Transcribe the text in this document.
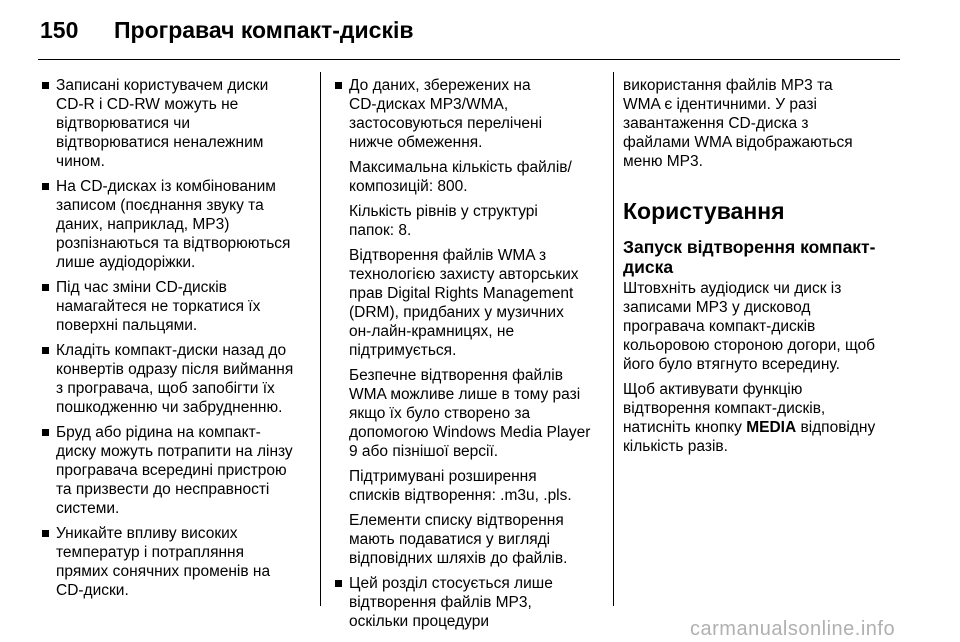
150	Програвач компакт-дисків

Записані користувачем диски
CD-R і CD-RW можуть не
відтворюватися чи
відтворюватися неналежним
чином.

На CD-дисках із комбінованим
записом (поєднання звуку та
даних, наприклад, MP3)
розпізнаються та відтворюються
лише аудіодоріжки.

Під час зміни CD-дисків
намагайтеся не торкатися їх
поверхні пальцями.

Кладіть компакт-диски назад до
конвертів одразу після виймання
з програвача, щоб запобігти їх
пошкодженню чи забрудненню.

Бруд або рідина на компакт-
диску можуть потрапити на лінзу
програвача всередині пристрою
та призвести до несправності
системи.

Уникайте впливу високих
температур і потрапляння
прямих сонячних променів на
CD-диски.

До даних, збережених на
CD-дисках MP3/WMA,
застосовуються перелічені
нижче обмеження.

Максимальна кількість файлів/
композицій: 800.

Кількість рівнів у структурі
папок: 8.

Відтворення файлів WMA з
технологією захисту авторських
прав Digital Rights Management
(DRM), придбаних у музичних
он-лайн-крамницях, не
підтримується.

Безпечне відтворення файлів
WMA можливе лише в тому разі
якщо їх було створено за
допомогою Windows Media Player
9 або пізнішої версії.

Підтримувані розширення
списків відтворення: .m3u, .pls.

Елементи списку відтворення
мають подаватися у вигляді
відповідних шляхів до файлів.

Цей розділ стосується лише
відтворення файлів MP3,
оскільки процедури

використання файлів MP3 та
WMA є ідентичними. У разі
завантаження CD-диска з
файлами WMA відображаються
меню MP3.

Користування
Запуск відтворення компакт-
диска

Штовхніть аудіодиск чи диск із
записами MP3 у дисковод
програвача компакт-дисків
кольоровою стороною догори, щоб
його було втягнуто всередину.

Щоб активувати функцію
відтворення компакт-дисків,
натисніть кнопку MEDIA відповідну
кількість разів.

carmanualsonline.info
